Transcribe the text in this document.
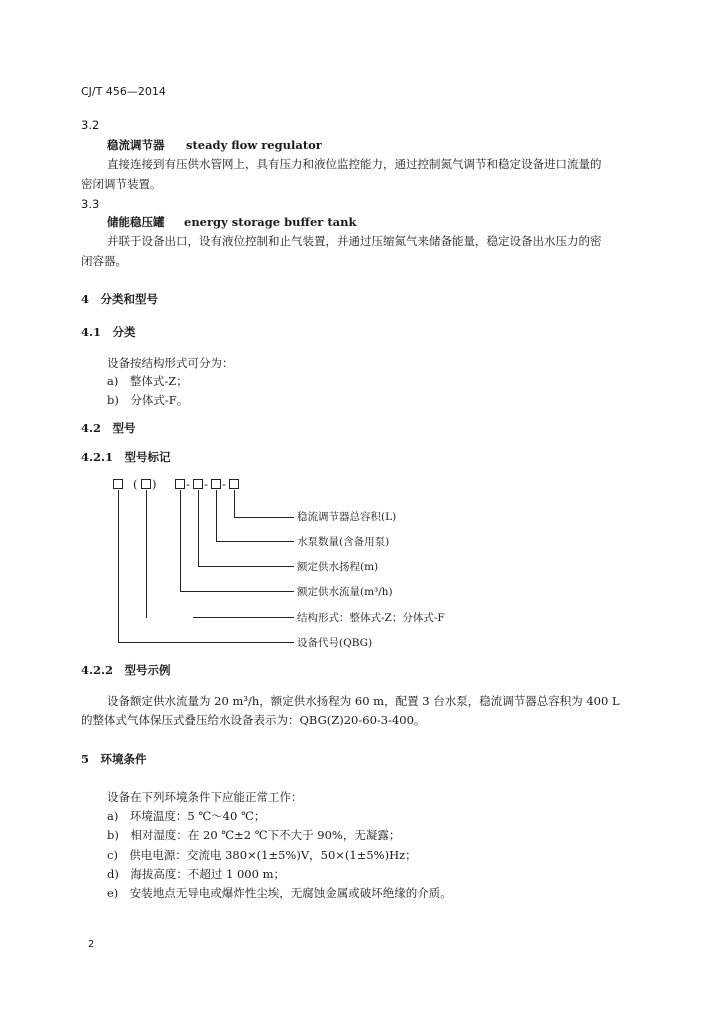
CJ/T 456—2014
3.2
稳流调节器 steady flow regulator
直接连接到有压供水管网上，具有压力和液位监控能力，通过控制氮气调节和稳定设备进口流量的
密闭调节装置。
3.3
储能稳压罐 energy storage buffer tank
并联于设备出口，设有液位控制和止气装置，并通过压缩氮气来储备能量，稳定设备出水压力的密
闭容器。
4　分类和型号
4.1　分类
设备按结构形式可分为：
a)　整体式-Z；
b)　分体式-F。
4.2　型号
4.2.1　型号标记
( )	- - -
稳流调节器总容积(L)
水泵数量(含备用泵)
额定供水扬程(m)
额定供水流量(m³/h)
结构形式：整体式-Z；分体式-F
设备代号(QBG)
4.2.2　型号示例
设备额定供水流量为 20 m³/h，额定供水扬程为 60 m，配置 3 台水泵，稳流调节器总容积为 400 L
的整体式气体保压式叠压给水设备表示为：QBG(Z)20-60-3-400。
5　环境条件
设备在下列环境条件下应能正常工作：
a)　环境温度：5 ℃～40 ℃；
b)　相对湿度：在 20 ℃±2 ℃下不大于 90%，无凝露；
c)　供电电源：交流电 380×(1±5%)V，50×(1±5%)Hz；
d)　海拔高度：不超过 1 000 m；
e)　安装地点无导电或爆炸性尘埃，无腐蚀金属或破坏绝缘的介质。
2
